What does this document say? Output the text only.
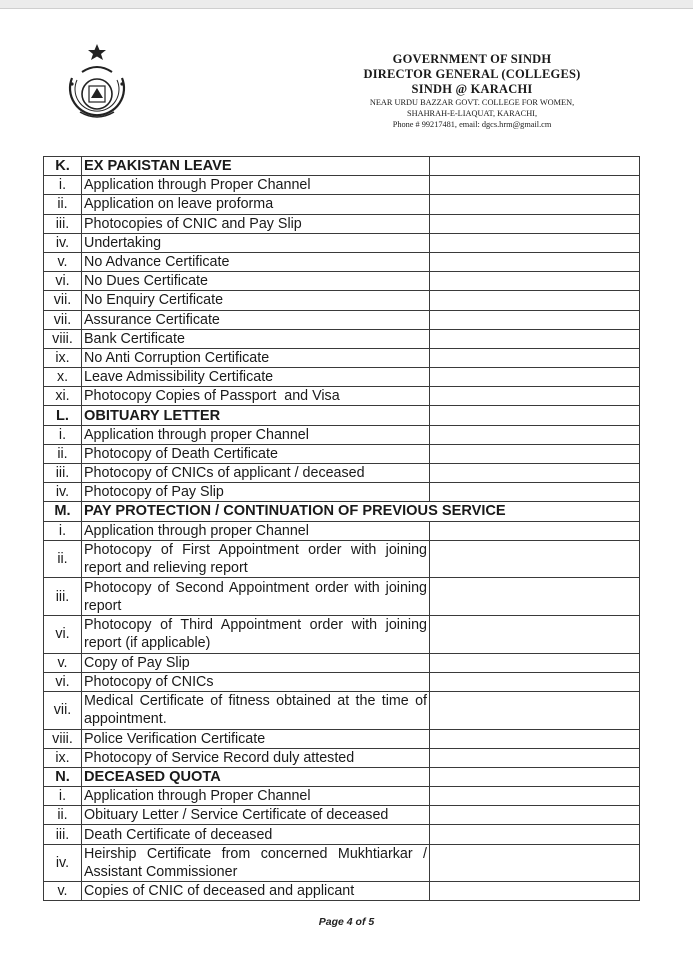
GOVERNMENT OF SINDH
DIRECTOR GENERAL (COLLEGES)
SINDH @ KARACHI
NEAR URDU BAZZAR GOVT. COLLEGE FOR WOMEN,
SHAHRAH-E-LIAQUAT, KARACHI,
Phone # 99217481, email: dgcs.hrm@gmail.cm
K.	EX PAKISTAN LEAVE	
i.	Application through Proper Channel	
ii.	Application on leave proforma	
iii.	Photocopies of CNIC and Pay Slip	
iv.	Undertaking	
v.	No Advance Certificate	
vi.	No Dues Certificate	
vii.	No Enquiry Certificate	
vii.	Assurance Certificate	
viii.	Bank Certificate	
ix.	No Anti Corruption Certificate	
x.	Leave Admissibility Certificate	
xi.	Photocopy Copies of Passport  and Visa	
L.	OBITUARY LETTER	
i.	Application through proper Channel	
ii.	Photocopy of Death Certificate	
iii.	Photocopy of CNICs of applicant / deceased	
iv.	Photocopy of Pay Slip	
M.	PAY PROTECTION / CONTINUATION OF PREVIOUS SERVICE	
i.	Application through proper Channel	
ii.	Photocopy of First Appointment order with joining report and relieving report	

iii.	Photocopy of Second Appointment order with joining report	

vi.	Photocopy of Third Appointment order with joining report (if applicable)	

v.	Copy of Pay Slip	
vi.	Photocopy of CNICs	
vii.	Medical Certificate of fitness obtained at the time of appointment.	

viii.	Police Verification Certificate	
ix.	Photocopy of Service Record duly attested	
N.	DECEASED QUOTA	
i.	Application through Proper Channel	
ii.	Obituary Letter / Service Certificate of deceased	
iii.	Death Certificate of deceased	
iv.	Heirship Certificate from concerned Mukhtiarkar / Assistant Commissioner	

v.	Copies of CNIC of deceased and applicant	
Page 4 of 5
